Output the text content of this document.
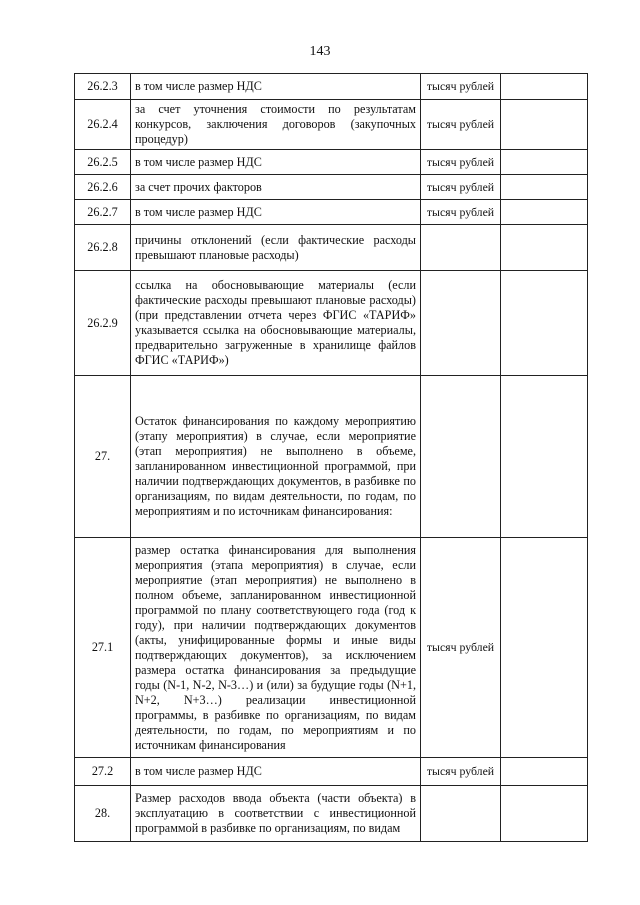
143
26.2.3	в том числе размер НДС	тысяч рублей	
26.2.4	за счет уточнения стоимости по результатам конкурсов, заключения договоров (закупочных процедур)	тысяч рублей	
26.2.5	в том числе размер НДС	тысяч рублей	
26.2.6	за счет прочих факторов	тысяч рублей	
26.2.7	в том числе размер НДС	тысяч рублей	
26.2.8	причины отклонений (если фактические расходы превышают плановые расходы)		
26.2.9	ссылка на обосновывающие материалы (если фактические расходы превышают плановые расходы) (при представлении отчета через ФГИС «ТАРИФ» указывается ссылка на обосновывающие материалы, предварительно загруженные в хранилище файлов ФГИС «ТАРИФ»)		
27.	Остаток финансирования по каждому мероприятию (этапу мероприятия) в случае, если мероприятие (этап мероприятия) не выполнено в объеме, запланированном инвестиционной программой, при наличии подтверждающих документов, в разбивке по организациям, по видам деятельности, по годам, по мероприятиям и по источникам финансирования:		
27.1	размер остатка финансирования для выполнения мероприятия (этапа мероприятия) в случае, если мероприятие (этап мероприятия) не выполнено в полном объеме, запланированном инвестиционной программой по плану соответствующего года (год к году), при наличии подтверждающих документов (акты, унифицированные формы и иные виды подтверждающих документов), за исключением размера остатка финансирования за предыдущие годы (N-1, N-2, N-3…) и (или) за будущие годы (N+1, N+2, N+3…) реализации инвестиционной программы, в разбивке по организациям, по видам деятельности, по годам, по мероприятиям и по источникам финансирования	тысяч рублей	
27.2	в том числе размер НДС	тысяч рублей	
28.	Размер расходов ввода объекта (части объекта) в эксплуатацию в соответствии с инвестиционной программой в разбивке по организациям, по видам		
